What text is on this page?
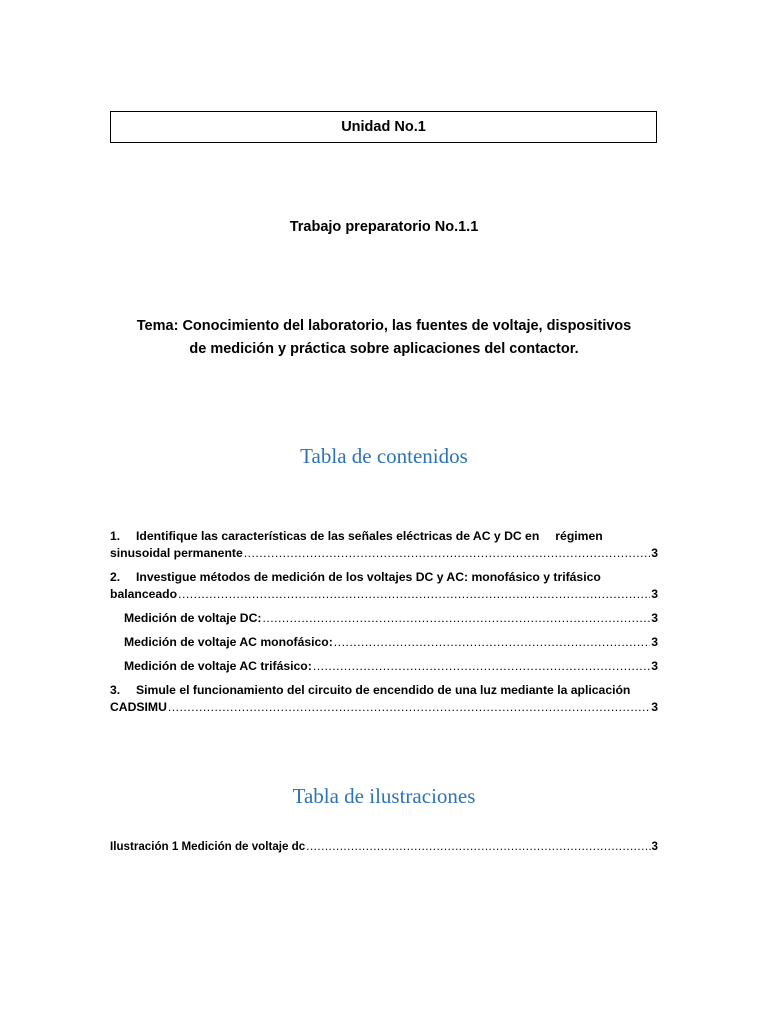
Unidad No.1
Trabajo preparatorio No.1.1
Tema: Conocimiento del laboratorio, las fuentes de voltaje, dispositivos
de medición y práctica sobre aplicaciones del contactor.
Tabla de contenidos
1.	Identifique las características de las señales eléctricas de AC y DC en régimen
sinusoidal permanente .....	3
2.	Investigue métodos de medición de los voltajes DC y AC: monofásico y trifásico
balanceado .....	3
Medición de voltaje DC: .....	3
Medición de voltaje AC monofásico: .....	3
Medición de voltaje AC trifásico: .....	3
3.	Simule el funcionamiento del circuito de encendido de una luz mediante la aplicación
CADSIMU .....	3
Tabla de ilustraciones
Ilustración 1 Medición de voltaje dc .....	3
